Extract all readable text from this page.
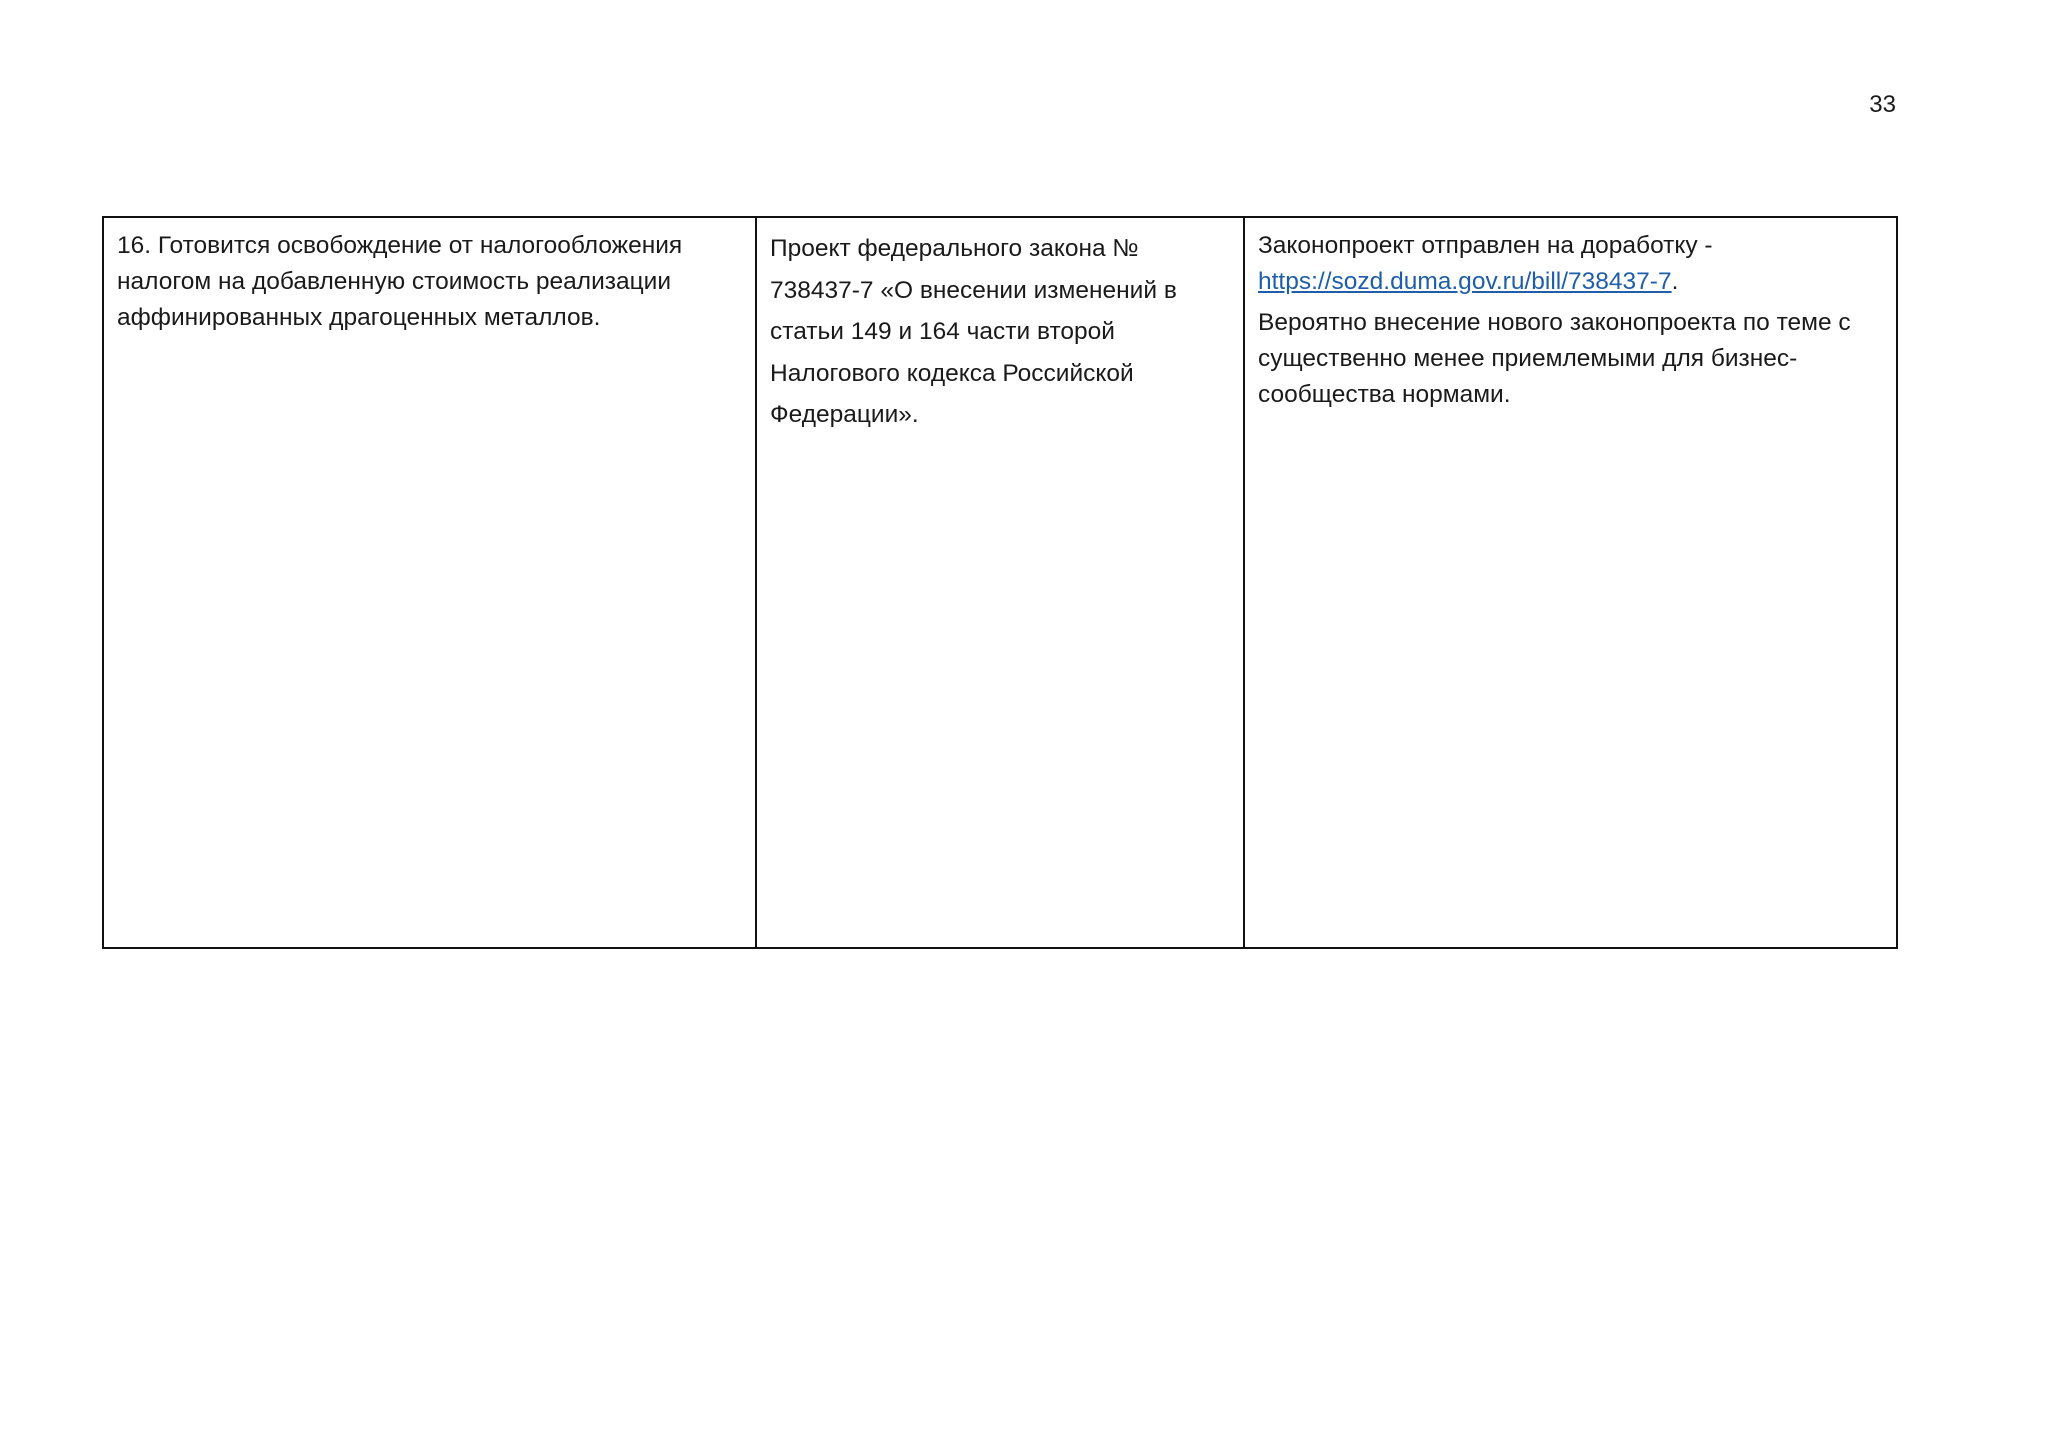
33

16. Готовится освобождение от налогообложения налогом на добавленную стоимость реализации аффинированных драгоценных металлов.

Проект федерального закона № 738437-7 «О внесении изменений в статьи 149 и 164 части второй Налогового кодекса Российской Федерации».

Законопроект отправлен на доработку - https://sozd.duma.gov.ru/bill/738437-7.

Вероятно внесение нового законопроекта по теме с существенно менее приемлемыми для бизнес-сообщества нормами.
